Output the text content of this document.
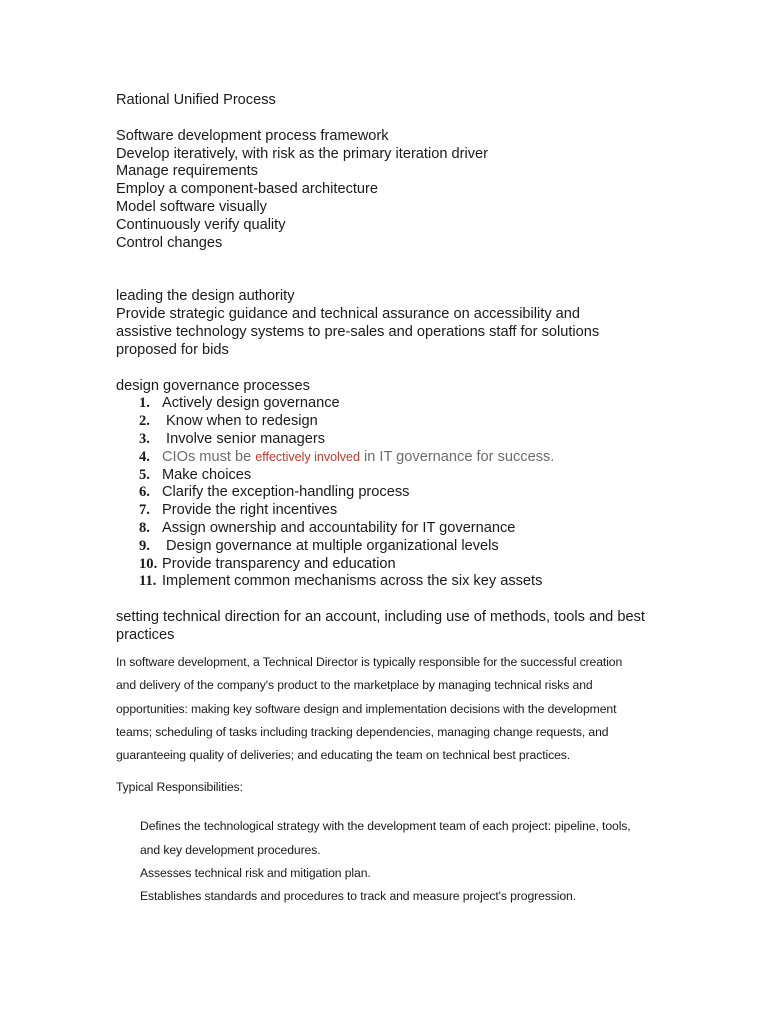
Rational Unified Process
Software development process framework
Develop iteratively, with risk as the primary iteration driver
Manage requirements
Employ a component-based architecture
Model software visually
Continuously verify quality
Control changes
leading the design authority
Provide strategic guidance and technical assurance on accessibility and assistive technology systems to pre-sales and operations staff for solutions proposed for bids
design governance processes
1. Actively design governance
2. Know when to redesign
3. Involve senior managers
4. CIOs must be effectively involved in IT governance for success.
5. Make choices
6. Clarify the exception-handling process
7. Provide the right incentives
8. Assign ownership and accountability for IT governance
9. Design governance at multiple organizational levels
10. Provide transparency and education
11. Implement common mechanisms across the six key assets
setting technical direction for an account, including use of methods, tools and best practices
In software development, a Technical Director is typically responsible for the successful creation and delivery of the company's product to the marketplace by managing technical risks and opportunities: making key software design and implementation decisions with the development teams; scheduling of tasks including tracking dependencies, managing change requests, and guaranteeing quality of deliveries; and educating the team on technical best practices.
Typical Responsibilities:
Defines the technological strategy with the development team of each project: pipeline, tools, and key development procedures.
Assesses technical risk and mitigation plan.
Establishes standards and procedures to track and measure project's progression.
